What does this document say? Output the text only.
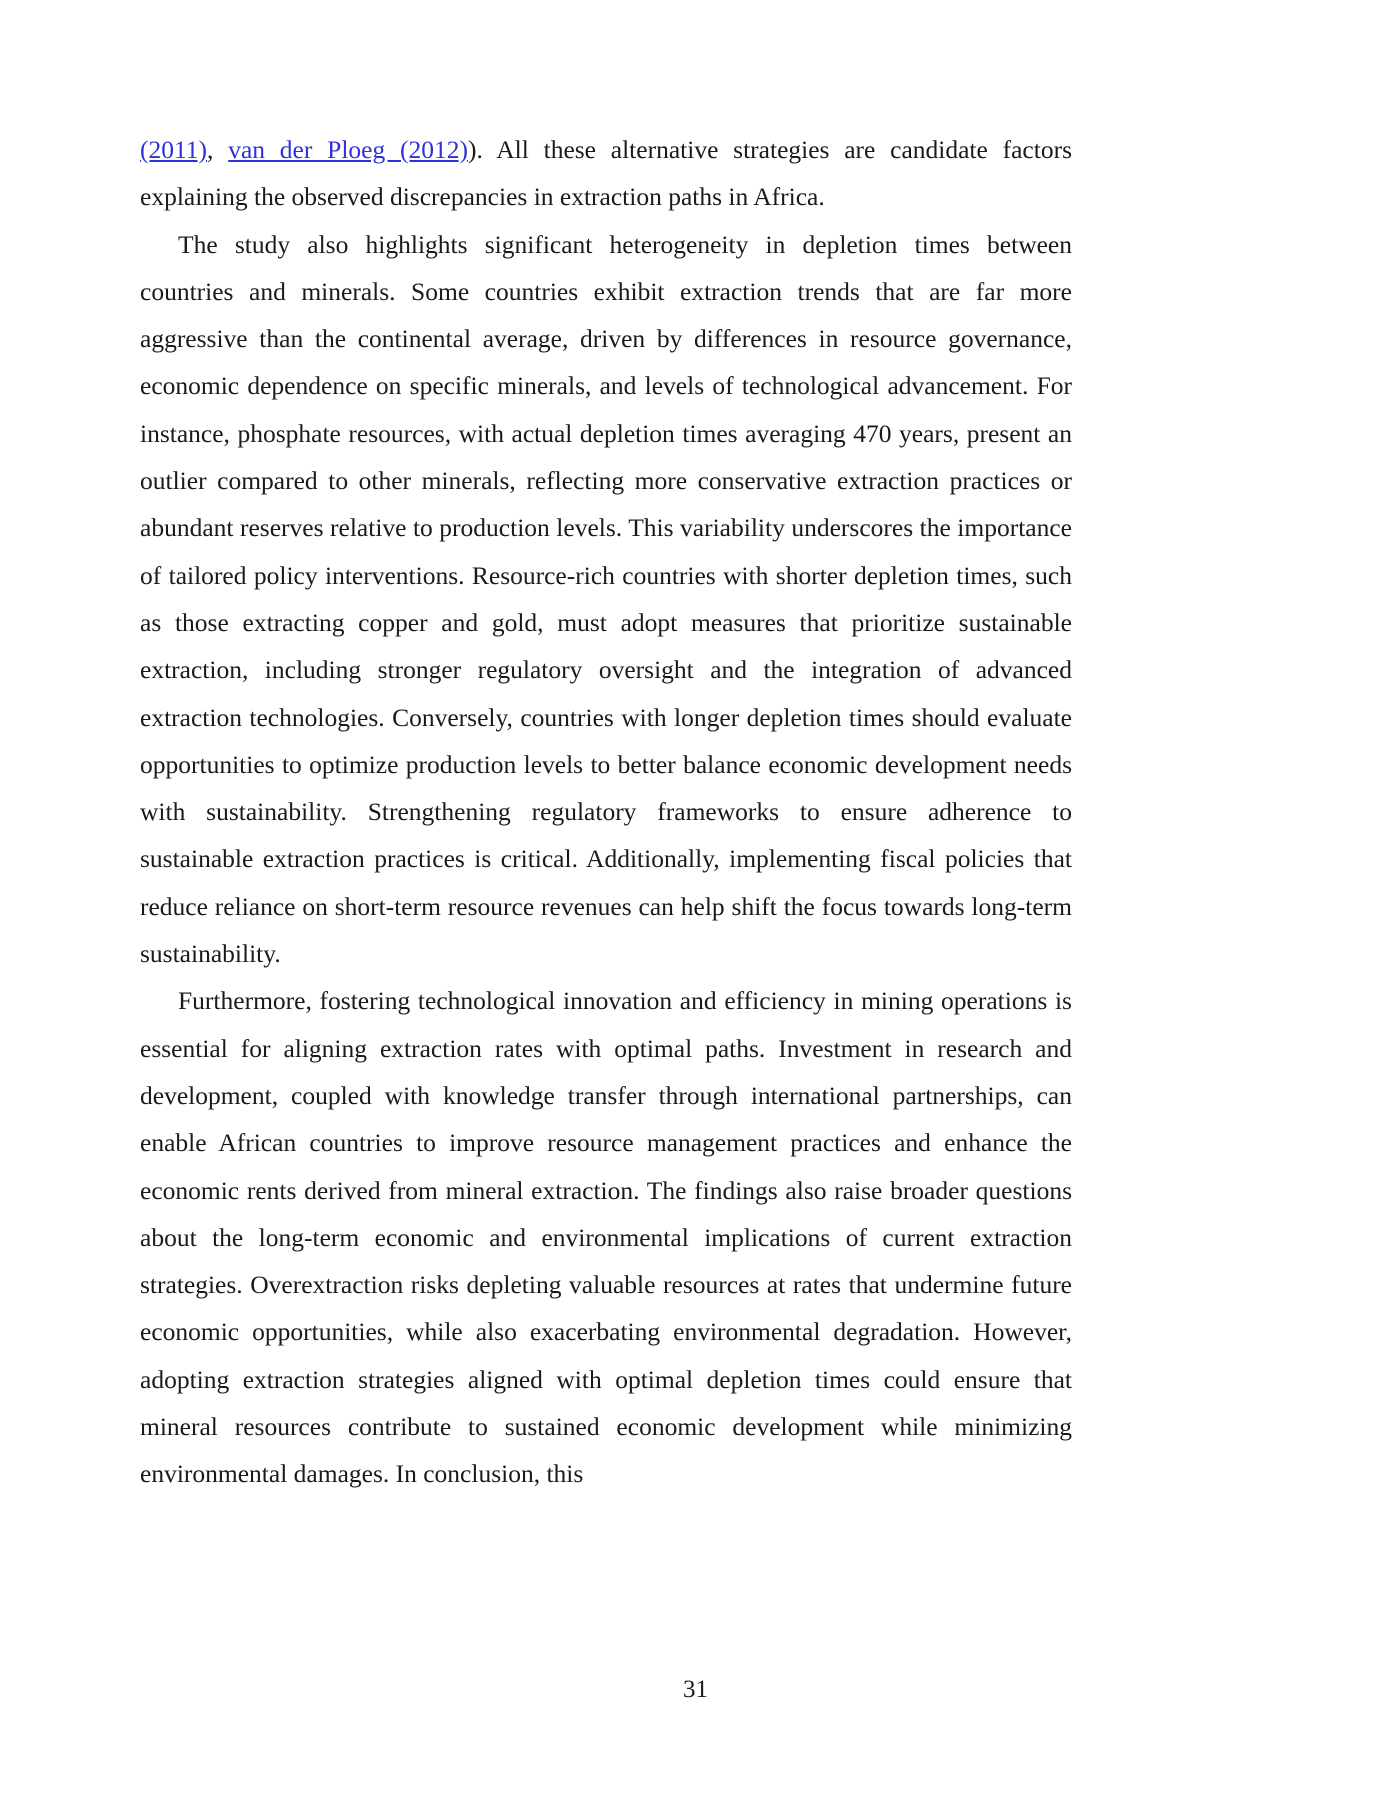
(2011), van der Ploeg (2012)). All these alternative strategies are candidate factors explaining the observed discrepancies in extraction paths in Africa.

The study also highlights significant heterogeneity in depletion times between countries and minerals. Some countries exhibit extraction trends that are far more aggressive than the continental average, driven by differences in resource governance, economic dependence on specific minerals, and levels of technological advancement. For instance, phosphate resources, with actual depletion times averaging 470 years, present an outlier compared to other minerals, reflecting more conservative extraction practices or abundant reserves relative to production levels. This variability underscores the importance of tailored policy interventions. Resource-rich countries with shorter depletion times, such as those extracting copper and gold, must adopt measures that prioritize sustainable extraction, including stronger regulatory oversight and the integration of advanced extraction technologies. Conversely, countries with longer depletion times should evaluate opportunities to optimize production levels to better balance economic development needs with sustainability. Strengthening regulatory frameworks to ensure adherence to sustainable extraction practices is critical. Additionally, implementing fiscal policies that reduce reliance on short-term resource revenues can help shift the focus towards long-term sustainability.

Furthermore, fostering technological innovation and efficiency in mining operations is essential for aligning extraction rates with optimal paths. Investment in research and development, coupled with knowledge transfer through international partnerships, can enable African countries to improve resource management practices and enhance the economic rents derived from mineral extraction. The findings also raise broader questions about the long-term economic and environmental implications of current extraction strategies. Overextraction risks depleting valuable resources at rates that undermine future economic opportunities, while also exacerbating environmental degradation. However, adopting extraction strategies aligned with optimal depletion times could ensure that mineral resources contribute to sustained economic development while minimizing environmental damages. In conclusion, this

31
